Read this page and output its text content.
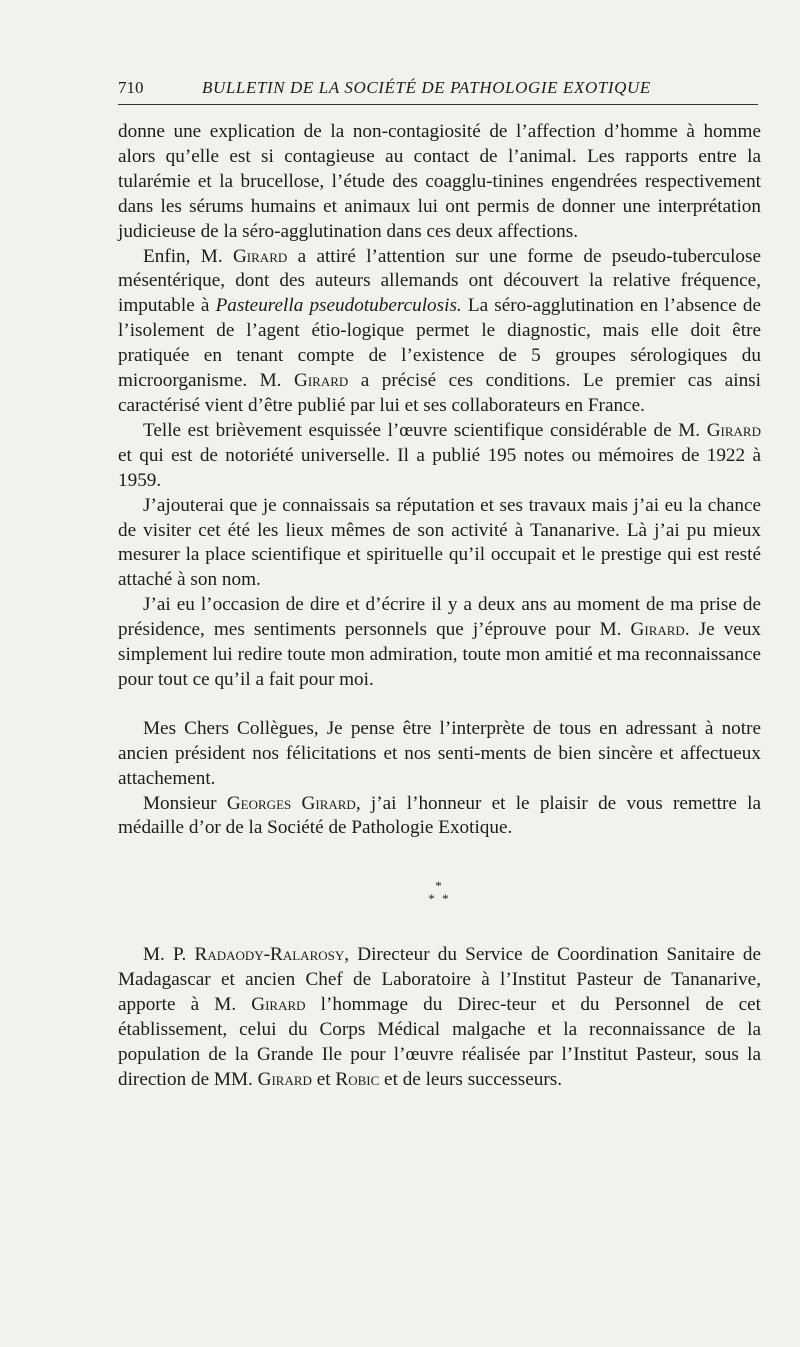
710	BULLETIN DE LA SOCIÉTÉ DE PATHOLOGIE EXOTIQUE

donne une explication de la non-contagiosité de l’affection d’homme à homme alors qu’elle est si contagieuse au contact de l’animal. Les rapports entre la tularémie et la brucellose, l’étude des coagglu-tinines engendrées respectivement dans les sérums humains et animaux lui ont permis de donner une interprétation judicieuse de la séro-agglutination dans ces deux affections.

Enfin, M. Girard a attiré l’attention sur une forme de pseudo-tuberculose mésentérique, dont des auteurs allemands ont découvert la relative fréquence, imputable à Pasteurella pseudotuberculosis. La séro-agglutination en l’absence de l’isolement de l’agent étio-logique permet le diagnostic, mais elle doit être pratiquée en tenant compte de l’existence de 5 groupes sérologiques du microorganisme. M. Girard a précisé ces conditions. Le premier cas ainsi caractérisé vient d’être publié par lui et ses collaborateurs en France.

Telle est brièvement esquissée l’œuvre scientifique considérable de M. Girard et qui est de notoriété universelle. Il a publié 195 notes ou mémoires de 1922 à 1959.

J’ajouterai que je connaissais sa réputation et ses travaux mais j’ai eu la chance de visiter cet été les lieux mêmes de son activité à Tananarive. Là j’ai pu mieux mesurer la place scientifique et spirituelle qu’il occupait et le prestige qui est resté attaché à son nom.

J’ai eu l’occasion de dire et d’écrire il y a deux ans au moment de ma prise de présidence, mes sentiments personnels que j’éprouve pour M. Girard. Je veux simplement lui redire toute mon admiration, toute mon amitié et ma reconnaissance pour tout ce qu’il a fait pour moi.

Mes Chers Collègues, Je pense être l’interprète de tous en adressant à notre ancien président nos félicitations et nos senti-ments de bien sincère et affectueux attachement.

Monsieur Georges Girard, j’ai l’honneur et le plaisir de vous remettre la médaille d’or de la Société de Pathologie Exotique.

*
* *

M. P. Radaody-Ralarosy, Directeur du Service de Coordination Sanitaire de Madagascar et ancien Chef de Laboratoire à l’Institut Pasteur de Tananarive, apporte à M. Girard l’hommage du Direc-teur et du Personnel de cet établissement, celui du Corps Médical malgache et la reconnaissance de la population de la Grande Ile pour l’œuvre réalisée par l’Institut Pasteur, sous la direction de MM. Girard et Robic et de leurs successeurs.
